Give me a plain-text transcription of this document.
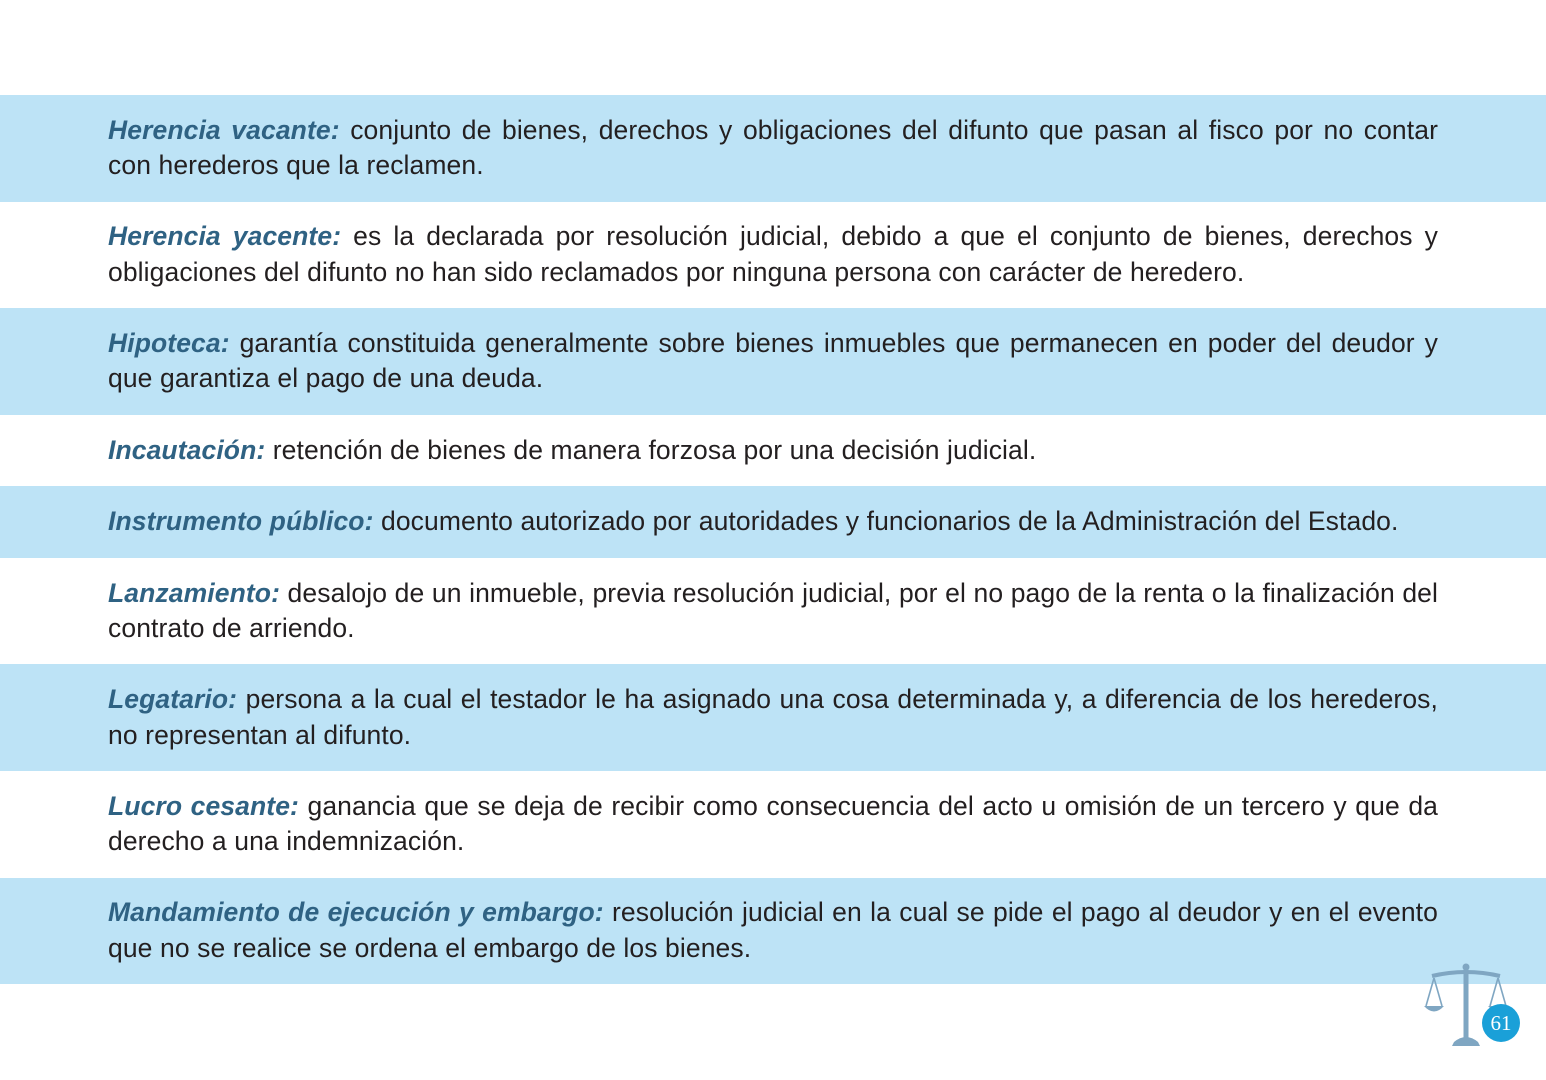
Herencia vacante: conjunto de bienes, derechos y obligaciones del difunto que pasan al fisco por no contar con herederos que la reclamen.

Herencia yacente: es la declarada por resolución judicial, debido a que el conjunto de bienes, derechos y obligaciones del difunto no han sido reclamados por ninguna persona con carácter de heredero.

Hipoteca: garantía constituida generalmente sobre bienes inmuebles que permanecen en poder del deudor y que garantiza el pago de una deuda.

Incautación: retención de bienes de manera forzosa por una decisión judicial.

Instrumento público: documento autorizado por autoridades y funcionarios de la Administración del Estado.

Lanzamiento: desalojo de un inmueble, previa resolución judicial, por el no pago de la renta o la finalización del contrato de arriendo.

Legatario: persona a la cual el testador le ha asignado una cosa determinada y, a diferencia de los herederos, no representan al difunto.

Lucro cesante: ganancia que se deja de recibir como consecuencia del acto u omisión de un tercero y que da derecho a una indemnización.

Mandamiento de ejecución y embargo: resolución judicial en la cual se pide el pago al deudor y en el evento que no se realice se ordena el embargo de los bienes.

61
